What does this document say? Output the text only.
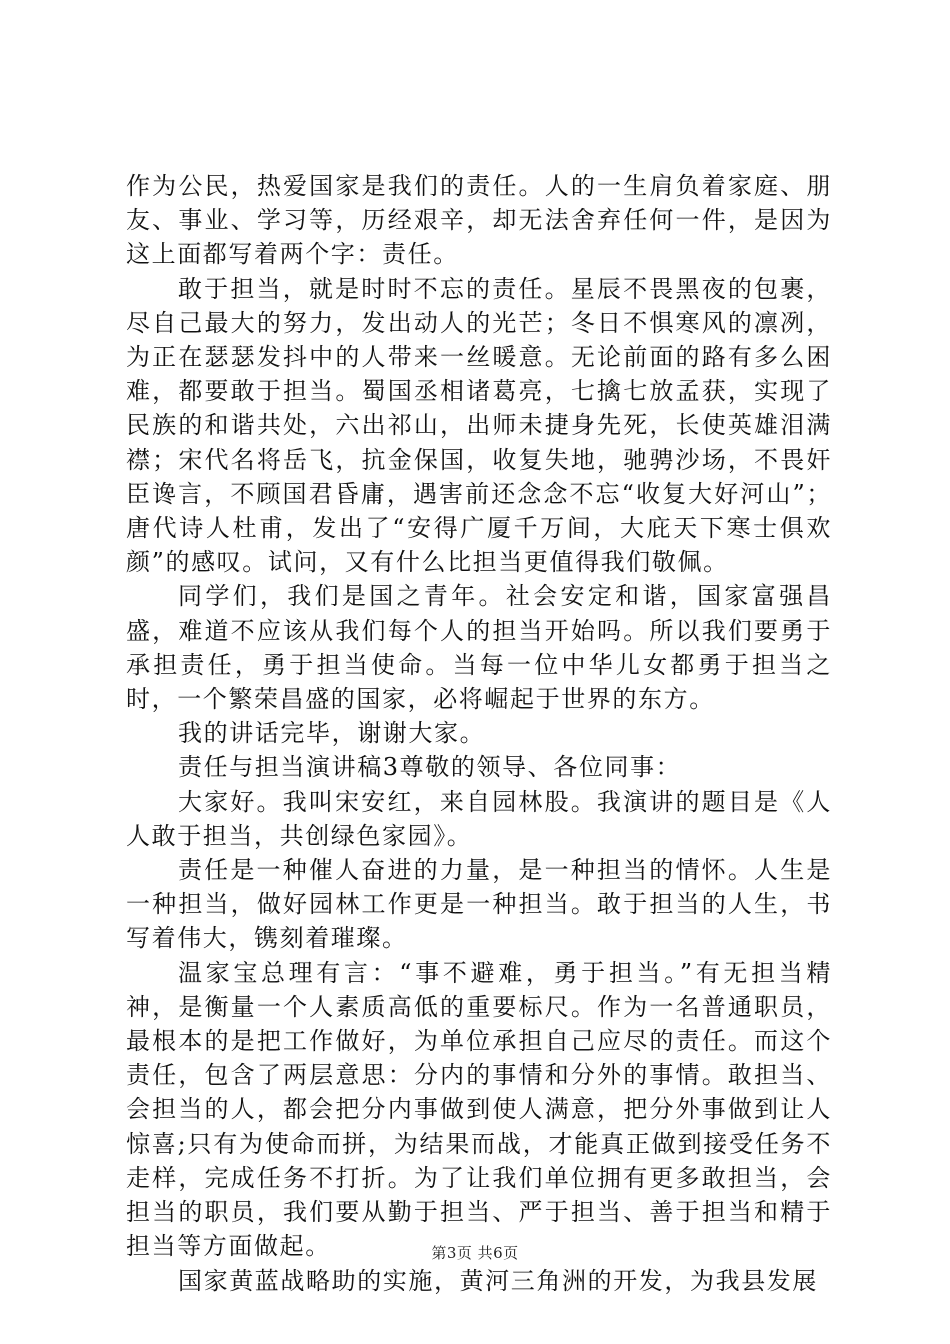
作为公民，热爱国家是我们的责任。人的一生肩负着家庭、朋友、事业、学习等，历经艰辛，却无法舍弃任何一件，是因为这上面都写着两个字：责任。

敢于担当，就是时时不忘的责任。星辰不畏黑夜的包裹，尽自己最大的努力，发出动人的光芒；冬日不惧寒风的凛冽，为正在瑟瑟发抖中的人带来一丝暖意。无论前面的路有多么困难，都要敢于担当。蜀国丞相诸葛亮，七擒七放孟获，实现了民族的和谐共处，六出祁山，出师未捷身先死，长使英雄泪满襟；宋代名将岳飞，抗金保国，收复失地，驰骋沙场，不畏奸臣谗言，不顾国君昏庸，遇害前还念念不忘“收复大好河山”；唐代诗人杜甫，发出了“安得广厦千万间，大庇天下寒士俱欢颜”的感叹。试问，又有什么比担当更值得我们敬佩。

同学们，我们是国之青年。社会安定和谐，国家富强昌盛，难道不应该从我们每个人的担当开始吗。所以我们要勇于承担责任，勇于担当使命。当每一位中华儿女都勇于担当之时，一个繁荣昌盛的国家，必将崛起于世界的东方。

我的讲话完毕，谢谢大家。

责任与担当演讲稿3尊敬的领导、各位同事：

大家好。我叫宋安红，来自园林股。我演讲的题目是《人人敢于担当，共创绿色家园》。

责任是一种催人奋进的力量，是一种担当的情怀。人生是一种担当，做好园林工作更是一种担当。敢于担当的人生，书写着伟大，镌刻着璀璨。

温家宝总理有言：“事不避难，勇于担当。”有无担当精神，是衡量一个人素质高低的重要标尺。作为一名普通职员，最根本的是把工作做好，为单位承担自己应尽的责任。而这个责任，包含了两层意思：分内的事情和分外的事情。敢担当、会担当的人，都会把分内事做到使人满意，把分外事做到让人惊喜;只有为使命而拼，为结果而战，才能真正做到接受任务不走样，完成任务不打折。为了让我们单位拥有更多敢担当，会担当的职员，我们要从勤于担当、严于担当、善于担当和精于担当等方面做起。

国家黄蓝战略助的实施，黄河三角洲的开发，为我县发展

第3页 共6页
